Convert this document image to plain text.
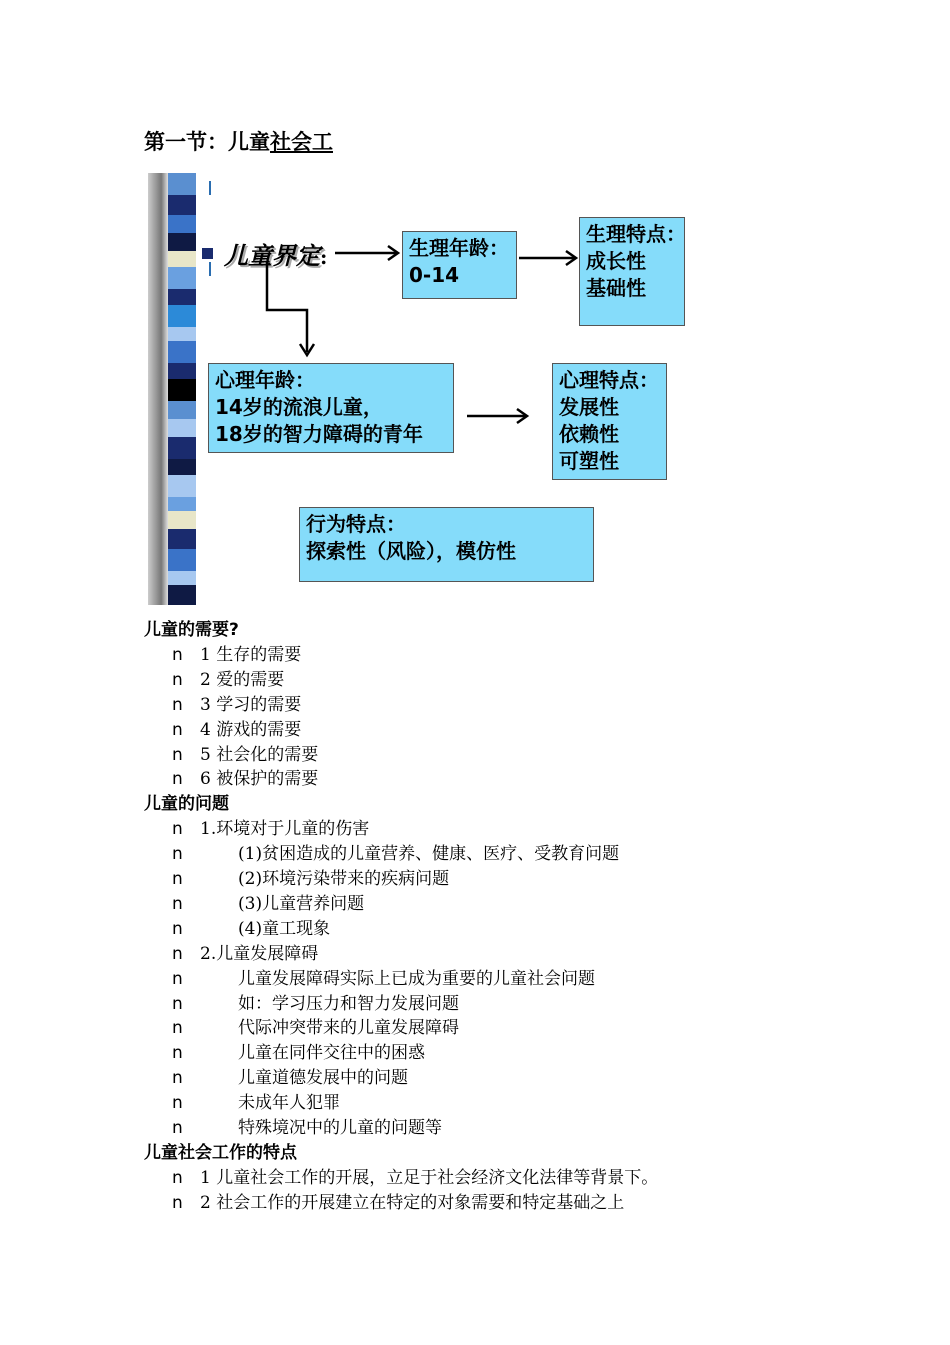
第一节：儿童社会工
儿童界定:	生理年龄：
0-14
生理特点：
成长性
基础性
心理年龄：
14岁的流浪儿童，
18岁的智力障碍的青年
心理特点：
发展性
依赖性
可塑性
行为特点：
探索性（风险），模仿性
儿童的需要?
n 1 生存的需要
n 2 爱的需要
n 3 学习的需要
n 4 游戏的需要
n 5 社会化的需要
n 6 被保护的需要
儿童的问题
n 1.环境对于儿童的伤害
n	(1)贫困造成的儿童营养、健康、医疗、受教育问题
n	(2)环境污染带来的疾病问题
n	(3)儿童营养问题
n	(4)童工现象
n 2.儿童发展障碍
n	儿童发展障碍实际上已成为重要的儿童社会问题
n	如：学习压力和智力发展问题
n	代际冲突带来的儿童发展障碍
n	儿童在同伴交往中的困惑
n	儿童道德发展中的问题
n	未成年人犯罪
n	特殊境况中的儿童的问题等
儿童社会工作的特点
n 1 儿童社会工作的开展，立足于社会经济文化法律等背景下。
n 2 社会工作的开展建立在特定的对象需要和特定基础之上
